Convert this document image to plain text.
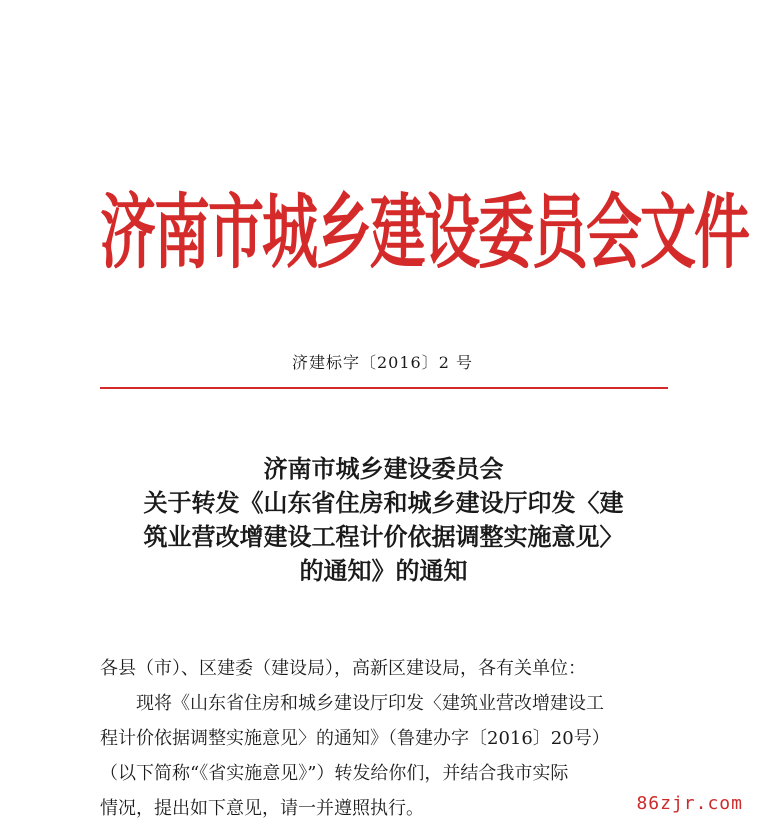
济南市城乡建设委员会文件
济建标字〔2016〕2 号
济南市城乡建设委员会
关于转发《山东省住房和城乡建设厅印发〈建
筑业营改增建设工程计价依据调整实施意见〉
的通知》的通知
各县（市）、区建委（建设局），高新区建设局，各有关单位：
现将《山东省住房和城乡建设厅印发〈建筑业营改增建设工
程计价依据调整实施意见〉的通知》（鲁建办字〔2016〕20号）
（以下简称“《省实施意见》”）转发给你们，并结合我市实际
情况，提出如下意见，请一并遵照执行。	86zjr.com
